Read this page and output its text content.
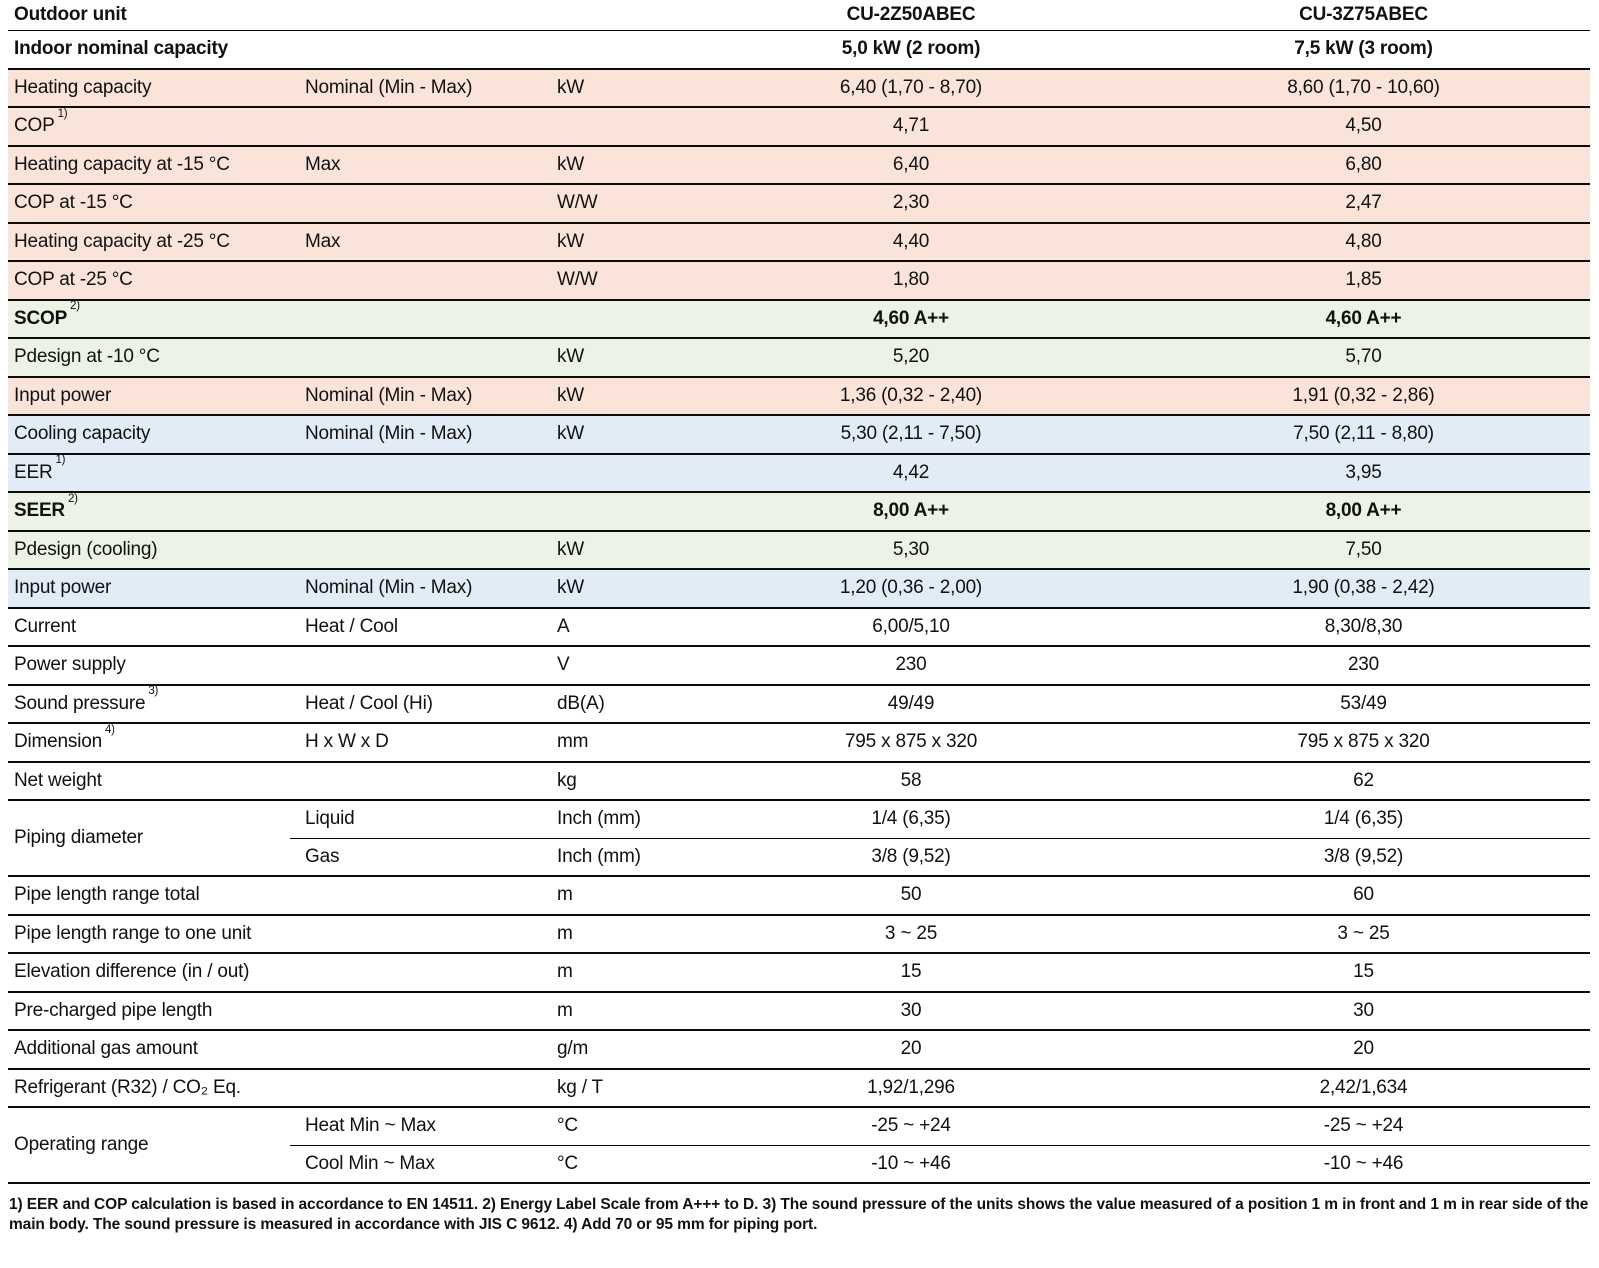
Outdoor unit			CU-2Z50ABEC	CU-3Z75ABEC
Indoor nominal capacity			5,0 kW (2 room)	7,5 kW (3 room)
Heating capacity	Nominal (Min - Max)	kW	6,40 (1,70 - 8,70)	8,60 (1,70 - 10,60)
COP$^{1)}$			4,71	4,50
Heating capacity at -15 °C	Max	kW	6,40	6,80
COP at -15 °C		W/W	2,30	2,47
Heating capacity at -25 °C	Max	kW	4,40	4,80
COP at -25 °C		W/W	1,80	1,85
SCOP$^{2)}$			4,60 A++	4,60 A++
Pdesign at -10 °C		kW	5,20	5,70
Input power	Nominal (Min - Max)	kW	1,36 (0,32 - 2,40)	1,91 (0,32 - 2,86)
Cooling capacity	Nominal (Min - Max)	kW	5,30 (2,11 - 7,50)	7,50 (2,11 - 8,80)
EER$^{1)}$			4,42	3,95
SEER$^{2)}$			8,00 A++	8,00 A++
Pdesign (cooling)		kW	5,30	7,50
Input power	Nominal (Min - Max)	kW	1,20 (0,36 - 2,00)	1,90 (0,38 - 2,42)
Current	Heat / Cool	A	6,00/5,10	8,30/8,30
Power supply		V	230	230
Sound pressure$^{3)}$	Heat / Cool (Hi)	dB(A)	49/49	53/49
Dimension$^{4)}$	H x W x D	mm	795 x 875 x 320	795 x 875 x 320
Net weight		kg	58	62
Piping diameter	Liquid	Inch (mm)	1/4 (6,35)	1/4 (6,35)
	Gas	Inch (mm)	3/8 (9,52)	3/8 (9,52)
Pipe length range total		m	50	60
Pipe length range to one unit		m	3 ~ 25	3 ~ 25
Elevation difference (in / out)		m	15	15
Pre-charged pipe length		m	30	30
Additional gas amount		g/m	20	20
Refrigerant (R32) / CO₂ Eq.		kg / T	1,92/1,296	2,42/1,634
Operating range	Heat Min ~ Max	°C	-25 ~ +24	-25 ~ +24
	Cool Min ~ Max	°C	-10 ~ +46	-10 ~ +46

1) EER and COP calculation is based in accordance to EN 14511. 2) Energy Label Scale from A+++ to D. 3) The sound pressure of the units shows the value measured of a position 1 m in front and 1 m in rear side of the main body. The sound pressure is measured in accordance with JIS C 9612. 4) Add 70 or 95 mm for piping port.
